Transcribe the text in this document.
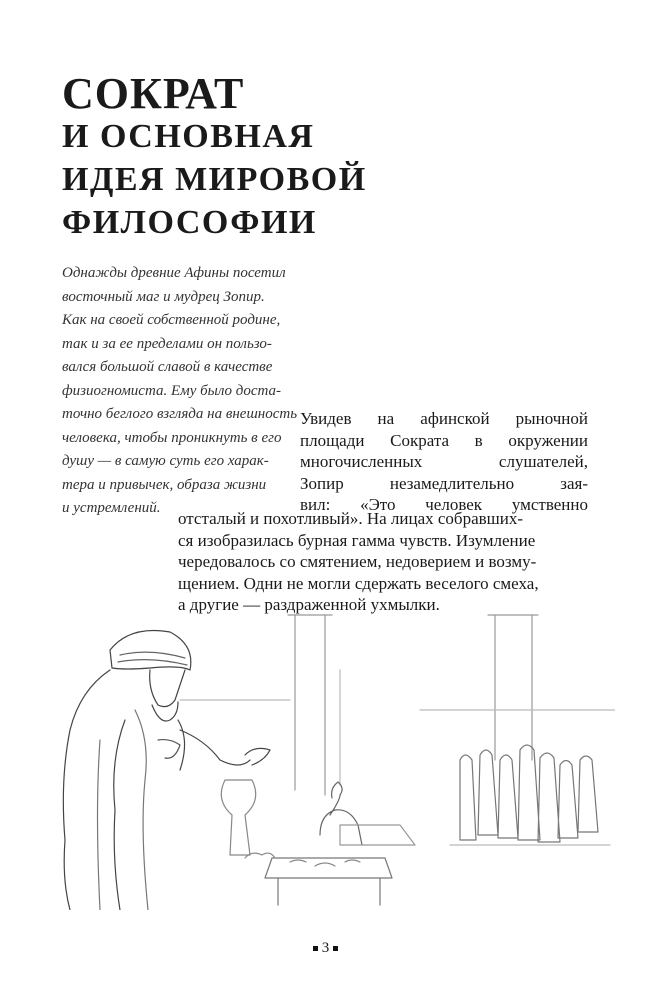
СОКРАТ
И ОСНОВНАЯ
ИДЕЯ МИРОВОЙ
ФИЛОСОФИИ
Однажды древние Афины посетил
восточный маг и мудрец Зопир.
Как на своей собственной родине,
так и за ее пределами он пользо-
вался большой славой в качестве
физиогномиста. Ему было доста-
точно беглого взгляда на внешность
человека, чтобы проникнуть в его
душу — в самую суть его харак-
тера и привычек, образа жизни
и устремлений.
Увидев на афинской рыночной
площади Сократа в окружении
многочисленных слушателей,
Зопир незамедлительно зая-
вил: «Это человек умственно
отсталый и похотливый». На лицах собравших-
ся изобразилась бурная гамма чувств. Изумление
чередовалось со смятением, недоверием и возму-
щением. Одни не могли сдержать веселого смеха,
а другие — раздраженной ухмылки.
3
